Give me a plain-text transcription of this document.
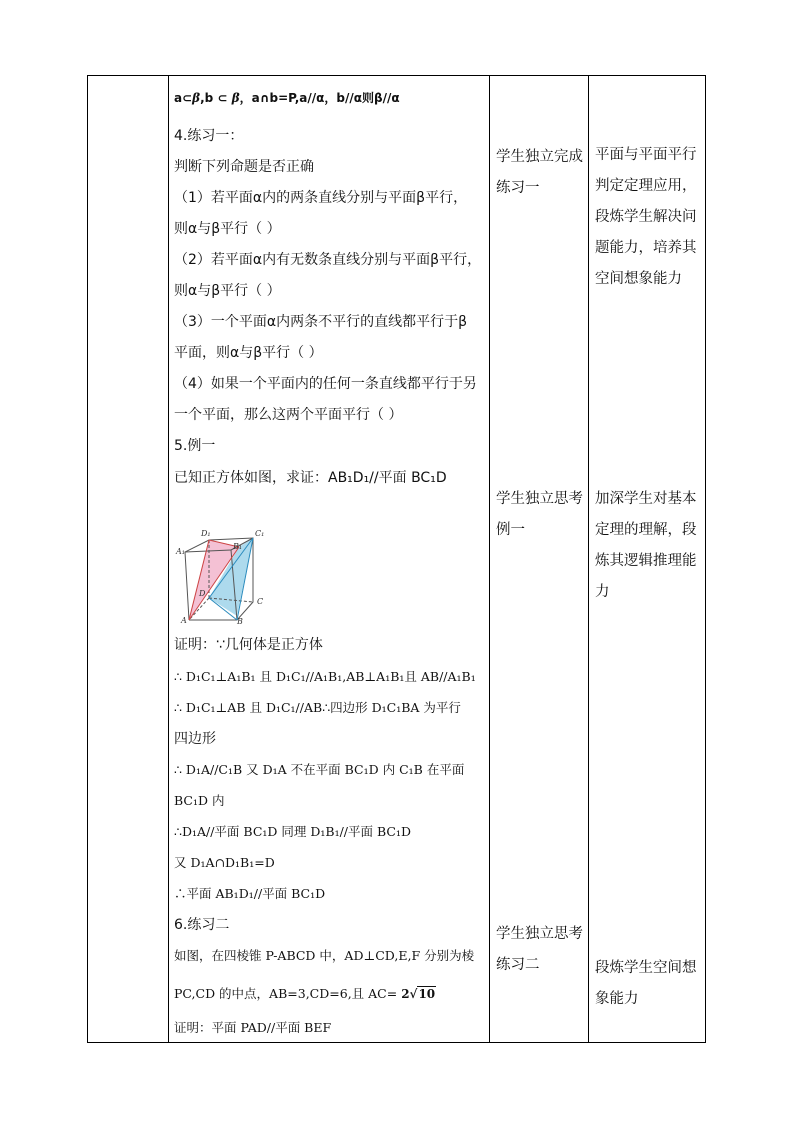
a⊂β,b ⊂ β，a∩b=P,a//α，b//α则β//α
4.练习一：
判断下列命题是否正确
（1）若平面α内的两条直线分别与平面β平行，
则α与β平行（ ）
（2）若平面α内有无数条直线分别与平面β平行，
则α与β平行（ ）
（3）一个平面α内两条不平行的直线都平行于β
平面，则α与β平行（ ）
（4）如果一个平面内的任何一条直线都平行于另
一个平面，那么这两个平面平行（ ）
5.例一
已知正方体如图，求证：AB₁D₁//平面 BC₁D
D₁	C₁
A₁
B₁
D
C
A	B
证明：∵几何体是正方体
∴ D₁C₁⊥A₁B₁ 且 D₁C₁//A₁B₁,AB⊥A₁B₁且 AB//A₁B₁
∴ D₁C₁⊥AB 且 D₁C₁//AB∴四边形 D₁C₁BA 为平行
四边形
∴ D₁A//C₁B 又 D₁A 不在平面 BC₁D 内 C₁B 在平面
BC₁D 内
∴D₁A//平面 BC₁D 同理 D₁B₁//平面 BC₁D
又 D₁A∩D₁B₁=D
∴平面 AB₁D₁//平面 BC₁D
6.练习二
如图，在四棱锥 P-ABCD 中，AD⊥CD,E,F 分别为棱
PC,CD 的中点，AB=3,CD=6,且 AC= 2√10
证明：平面 PAD//平面 BEF
学生独立完成
练习一
学生独立思考
例一
学生独立思考
练习二
平面与平面平行
判定定理应用，
段炼学生解决问
题能力，培养其
空间想象能力
加深学生对基本
定理的理解，段
炼其逻辑推理能
力
段炼学生空间想
象能力
